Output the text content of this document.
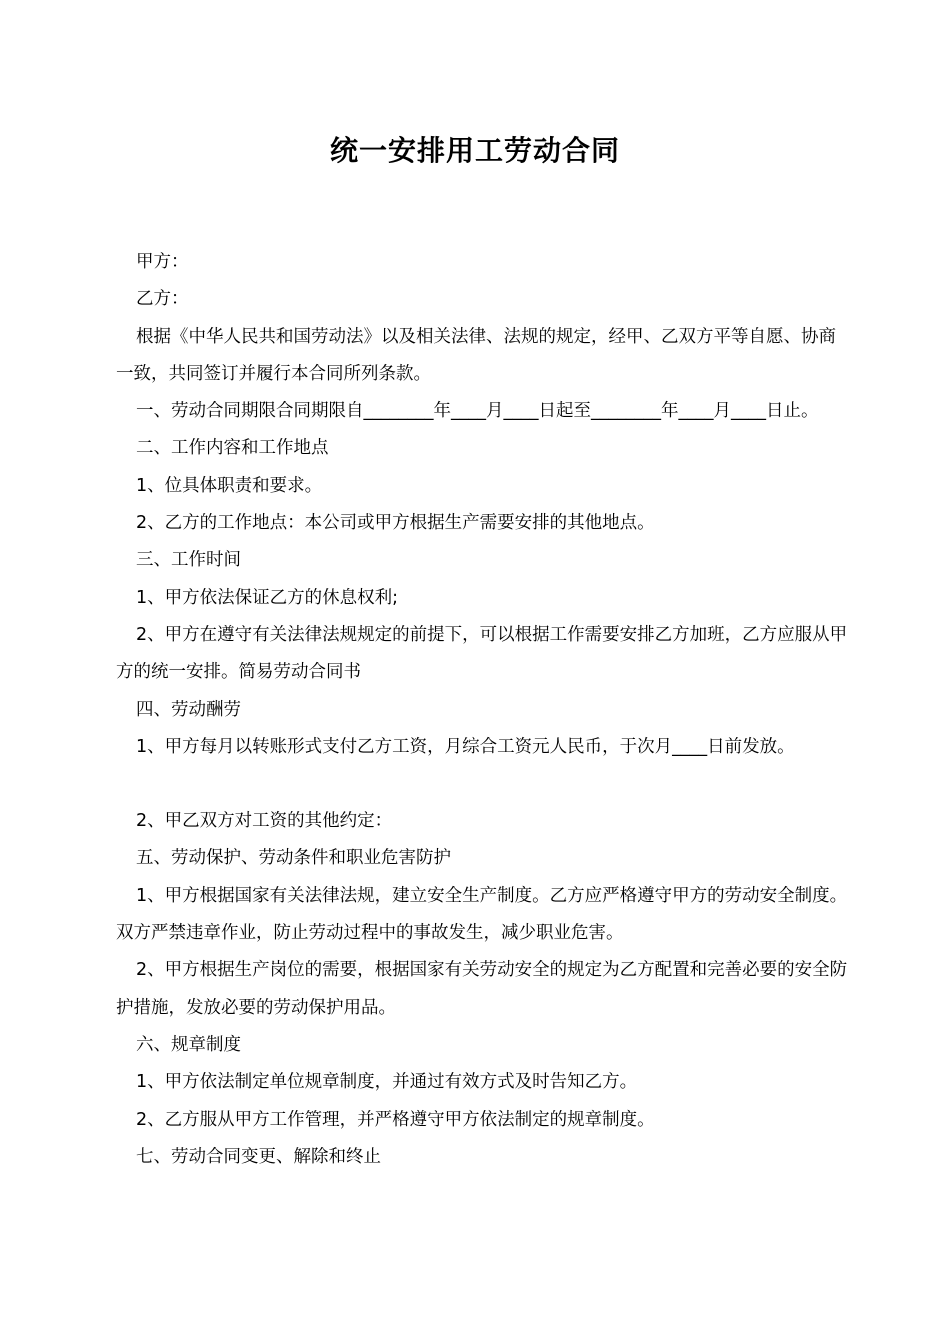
统一安排用工劳动合同

甲方：

乙方：

根据《中华人民共和国劳动法》以及相关法律、法规的规定，经甲、乙双方平等自愿、协商一致，共同签订并履行本合同所列条款。

一、劳动合同期限合同期限自________年____月____日起至________年____月____日止。

二、工作内容和工作地点

1、位具体职责和要求。

2、乙方的工作地点：本公司或甲方根据生产需要安排的其他地点。

三、工作时间

1、甲方依法保证乙方的休息权利;

2、甲方在遵守有关法律法规规定的前提下，可以根据工作需要安排乙方加班，乙方应服从甲方的统一安排。简易劳动合同书

四、劳动酬劳

1、甲方每月以转账形式支付乙方工资，月综合工资元人民币，于次月____日前发放。

2、甲乙双方对工资的其他约定：

五、劳动保护、劳动条件和职业危害防护

1、甲方根据国家有关法律法规，建立安全生产制度。乙方应严格遵守甲方的劳动安全制度。双方严禁违章作业，防止劳动过程中的事故发生，减少职业危害。

2、甲方根据生产岗位的需要，根据国家有关劳动安全的规定为乙方配置和完善必要的安全防护措施，发放必要的劳动保护用品。

六、规章制度

1、甲方依法制定单位规章制度，并通过有效方式及时告知乙方。

2、乙方服从甲方工作管理，并严格遵守甲方依法制定的规章制度。

七、劳动合同变更、解除和终止
